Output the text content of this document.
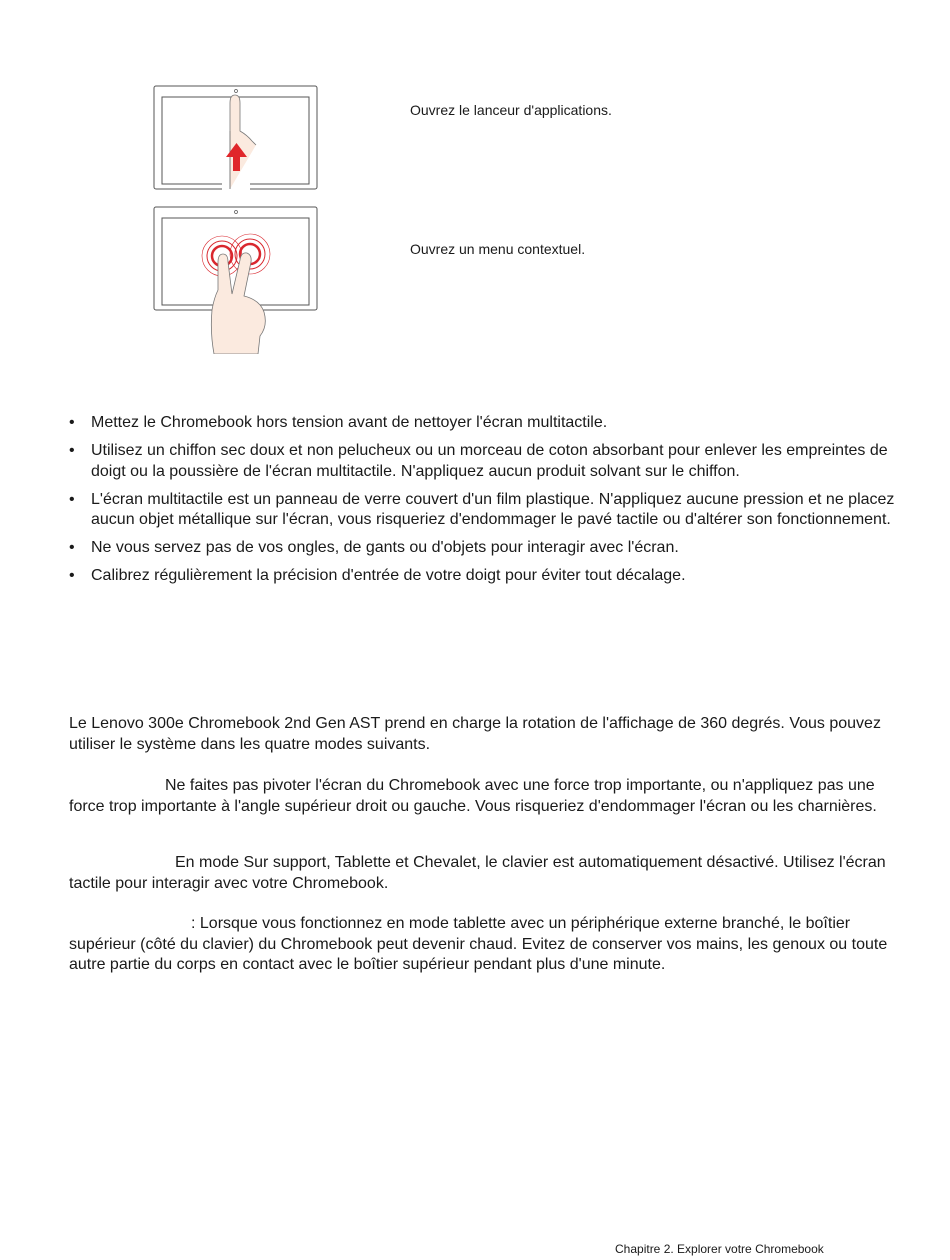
Ouvrez le lanceur d'applications.
Ouvrez un menu contextuel.
• Mettez le Chromebook hors tension avant de nettoyer l'écran multitactile.
• Utilisez un chiffon sec doux et non pelucheux ou un morceau de coton absorbant pour enlever les empreintes de doigt ou la poussière de l'écran multitactile. N'appliquez aucun produit solvant sur le chiffon.
• L'écran multitactile est un panneau de verre couvert d'un film plastique. N'appliquez aucune pression et ne placez aucun objet métallique sur l'écran, vous risqueriez d'endommager le pavé tactile ou d'altérer son fonctionnement.
• Ne vous servez pas de vos ongles, de gants ou d'objets pour interagir avec l'écran.
• Calibrez régulièrement la précision d'entrée de votre doigt pour éviter tout décalage.

Le Lenovo 300e Chromebook 2nd Gen AST prend en charge la rotation de l'affichage de 360 degrés. Vous pouvez utiliser le système dans les quatre modes suivants.

Ne faites pas pivoter l'écran du Chromebook avec une force trop importante, ou n'appliquez pas une force trop importante à l'angle supérieur droit ou gauche. Vous risqueriez d'endommager l'écran ou les charnières.

En mode Sur support, Tablette et Chevalet, le clavier est automatiquement désactivé. Utilisez l'écran tactile pour interagir avec votre Chromebook.

: Lorsque vous fonctionnez en mode tablette avec un périphérique externe branché, le boîtier supérieur (côté du clavier) du Chromebook peut devenir chaud. Evitez de conserver vos mains, les genoux ou toute autre partie du corps en contact avec le boîtier supérieur pendant plus d'une minute.

Chapitre 2. Explorer votre Chromebook
